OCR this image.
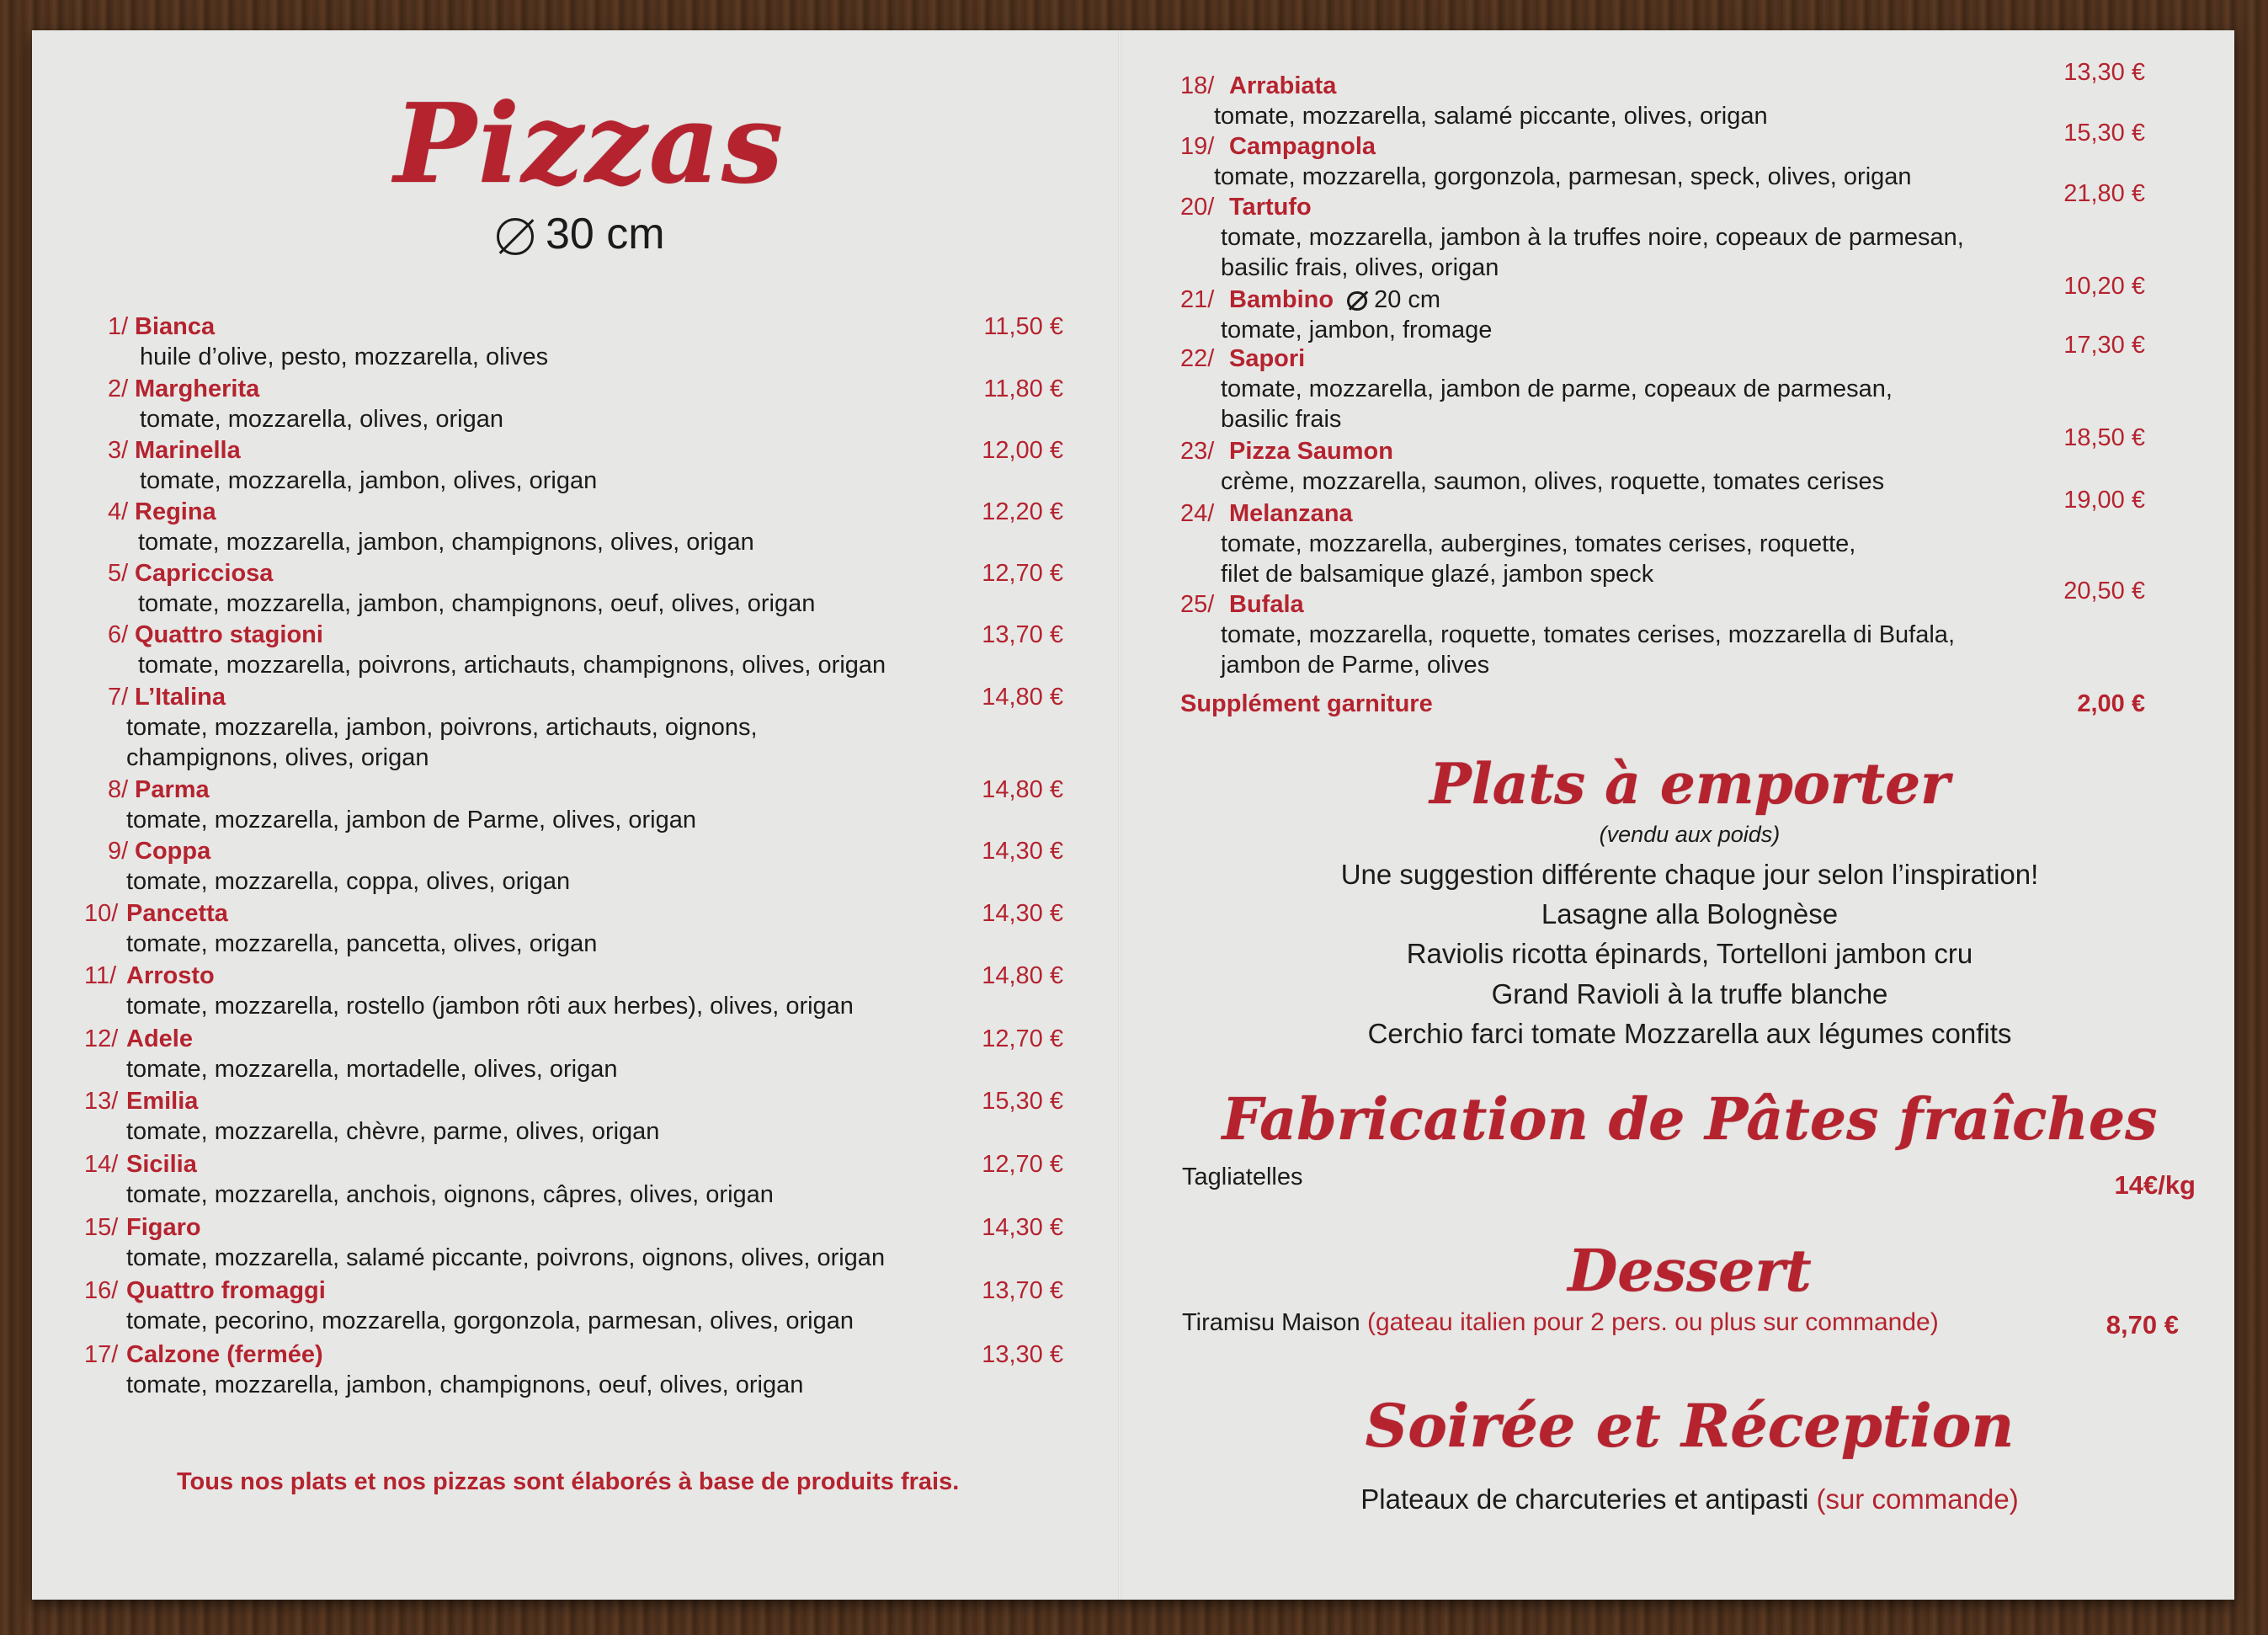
Pizzas
30 cm
1/ Bianca	11,50 €
huile d’olive, pesto, mozzarella, olives
2/ Margherita	11,80 €
tomate, mozzarella, olives, origan
3/ Marinella	12,00 €
tomate, mozzarella, jambon, olives, origan
4/ Regina	12,20 €
tomate, mozzarella, jambon, champignons, olives, origan
5/ Capricciosa	12,70 €
tomate, mozzarella, jambon, champignons, oeuf, olives, origan
6/ Quattro stagioni	13,70 €
tomate, mozzarella, poivrons, artichauts, champignons, olives, origan
7/ L’Italina	14,80 €
tomate, mozzarella, jambon, poivrons, artichauts, oignons,
champignons, olives, origan
8/ Parma	14,80 €
tomate, mozzarella, jambon de Parme, olives, origan
9/ Coppa	14,30 €
tomate, mozzarella, coppa, olives, origan
10/ Pancetta	14,30 €
tomate, mozzarella, pancetta, olives, origan
11/ Arrosto	14,80 €
tomate, mozzarella, rostello (jambon rôti aux herbes), olives, origan
12/ Adele	12,70 €
tomate, mozzarella, mortadelle, olives, origan
13/ Emilia	15,30 €
tomate, mozzarella, chèvre, parme, olives, origan
14/ Sicilia	12,70 €
tomate, mozzarella, anchois, oignons, câpres, olives, origan
15/ Figaro	14,30 €
tomate, mozzarella, salamé piccante, poivrons, oignons, olives, origan
16/ Quattro fromaggi	13,70 €
tomate, pecorino, mozzarella, gorgonzola, parmesan, olives, origan
17/ Calzone (fermée)	13,30 €
tomate, mozzarella, jambon, champignons, oeuf, olives, origan
Tous nos plats et nos pizzas sont élaborés à base de produits frais.
18/ Arrabiata	13,30 €
tomate, mozzarella, salamé piccante, olives, origan
19/ Campagnola	15,30 €
tomate, mozzarella, gorgonzola, parmesan, speck, olives, origan
20/ Tartufo	21,80 €
tomate, mozzarella, jambon à la truffes noire, copeaux de parmesan,
basilic frais, olives, origan
21/ Bambino 20 cm	10,20 €
tomate, jambon, fromage
22/ Sapori	17,30 €
tomate, mozzarella, jambon de parme, copeaux de parmesan,
basilic frais
23/ Pizza Saumon	18,50 €
crème, mozzarella, saumon, olives, roquette, tomates cerises
24/ Melanzana	19,00 €
tomate, mozzarella, aubergines, tomates cerises, roquette,
filet de balsamique glazé, jambon speck
25/ Bufala	20,50 €
tomate, mozzarella, roquette, tomates cerises, mozzarella di Bufala,
jambon de Parme, olives
Supplément garniture	2,00 €
Plats à emporter
(vendu aux poids)
Une suggestion différente chaque jour selon l’inspiration!
Lasagne alla Bolognèse
Raviolis ricotta épinards, Tortelloni jambon cru
Grand Ravioli à la truffe blanche
Cerchio farci tomate Mozzarella aux légumes confits
Fabrication de Pâtes fraîches
Tagliatelles	14€/kg
Dessert
Tiramisu Maison (gateau italien pour 2 pers. ou plus sur commande)	8,70 €
Soirée et Réception
Plateaux de charcuteries et antipasti (sur commande)
